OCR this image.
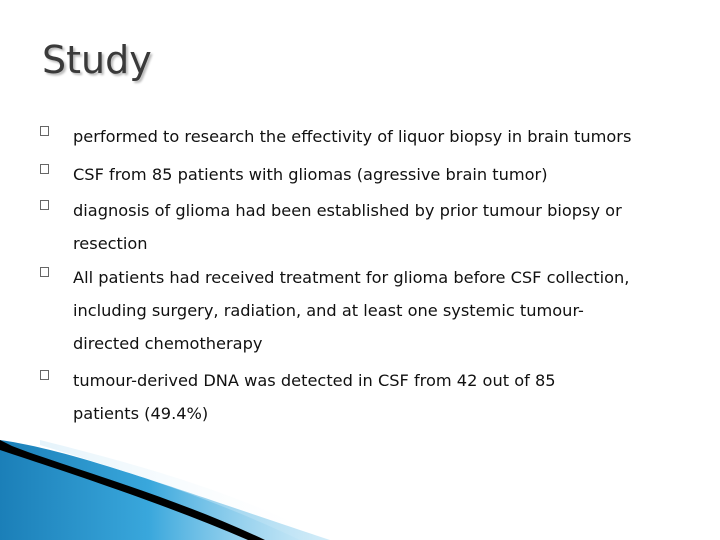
Study
performed to research the effectivity of liquor biopsy in brain tumors
CSF from 85 patients with gliomas (agressive brain tumor)
diagnosis of glioma had been established by prior tumour biopsy or
resection
All patients had received treatment for glioma before CSF collection,
including surgery, radiation, and at least one systemic tumour-
directed chemotherapy
tumour-derived DNA was detected in CSF from 42 out of 85
patients (49.4%)
